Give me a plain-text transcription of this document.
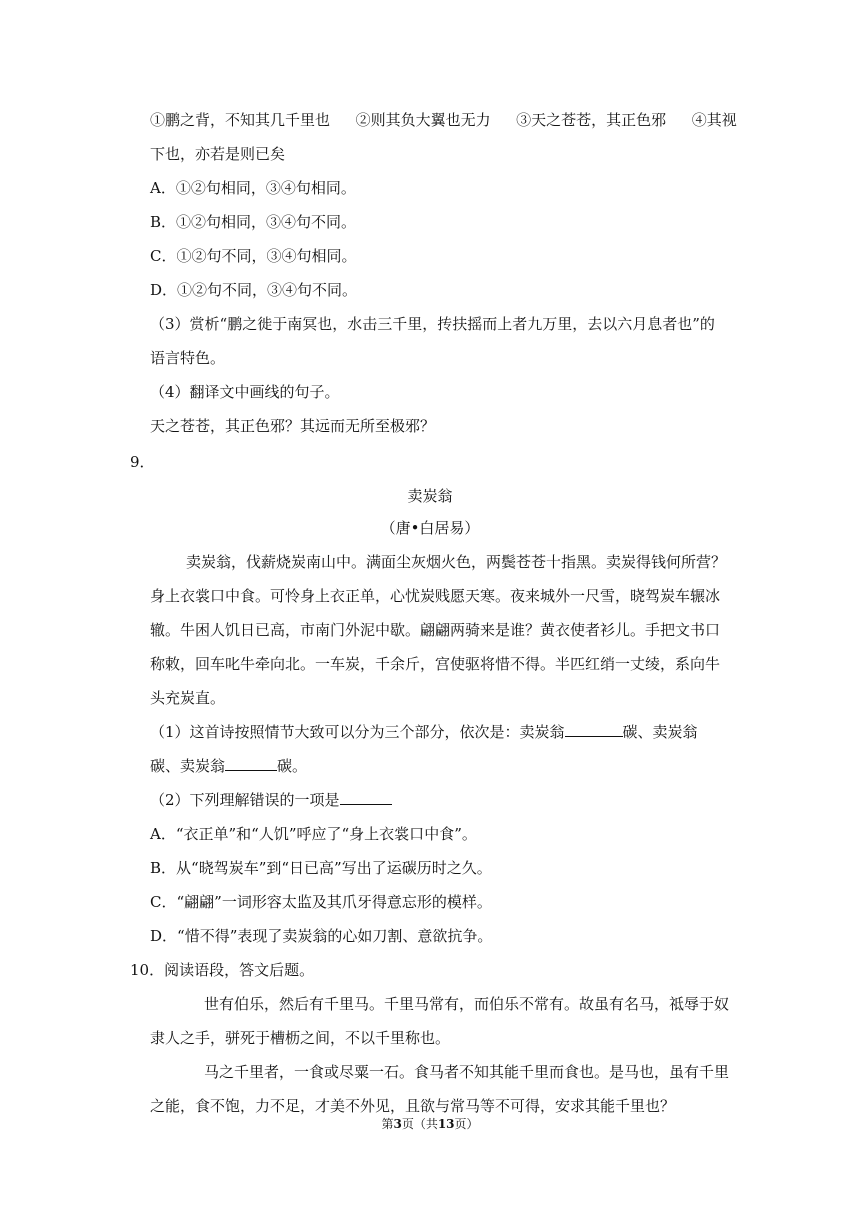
①鹏之背，不知其几千里也 ②则其负大翼也无力 ③天之苍苍，其正色邪 ④其视
下也，亦若是则已矣
A．①②句相同，③④句相同。
B．①②句相同，③④句不同。
C．①②句不同，③④句相同。
D．①②句不同，③④句不同。
（3）赏析“鹏之徙于南冥也，水击三千里，抟扶摇而上者九万里，去以六月息者也”的
语言特色。
（4）翻译文中画线的句子。
天之苍苍，其正色邪？其远而无所至极邪？
9．
卖炭翁
（唐•白居易）
卖炭翁，伐薪烧炭南山中。满面尘灰烟火色，两鬓苍苍十指黑。卖炭得钱何所营？
身上衣裳口中食。可怜身上衣正单，心忧炭贱愿天寒。夜来城外一尺雪，晓驾炭车辗冰
辙。牛困人饥日已高，市南门外泥中歇。翩翩两骑来是谁？黄衣使者衫儿。手把文书口
称敕，回车叱牛牵向北。一车炭，千余斤，宫使驱将惜不得。半匹红绡一丈绫，系向牛
头充炭直。
（1）这首诗按照情节大致可以分为三个部分，依次是：卖炭翁	碳、卖炭翁
碳、卖炭翁	碳。
（2）下列理解错误的一项是
A．“衣正单”和“人饥”呼应了“身上衣裳口中食”。
B．从“晓驾炭车”到“日已高”写出了运碳历时之久。
C．“翩翩”一词形容太监及其爪牙得意忘形的模样。
D．“惜不得”表现了卖炭翁的心如刀割、意欲抗争。
10．阅读语段，答文后题。
世有伯乐，然后有千里马。千里马常有，而伯乐不常有。故虽有名马，祗辱于奴
隶人之手，骈死于槽枥之间，不以千里称也。
马之千里者，一食或尽粟一石。食马者不知其能千里而食也。是马也，虽有千里
之能，食不饱，力不足，才美不外见，且欲与常马等不可得，安求其能千里也？
第3页（共13页）
